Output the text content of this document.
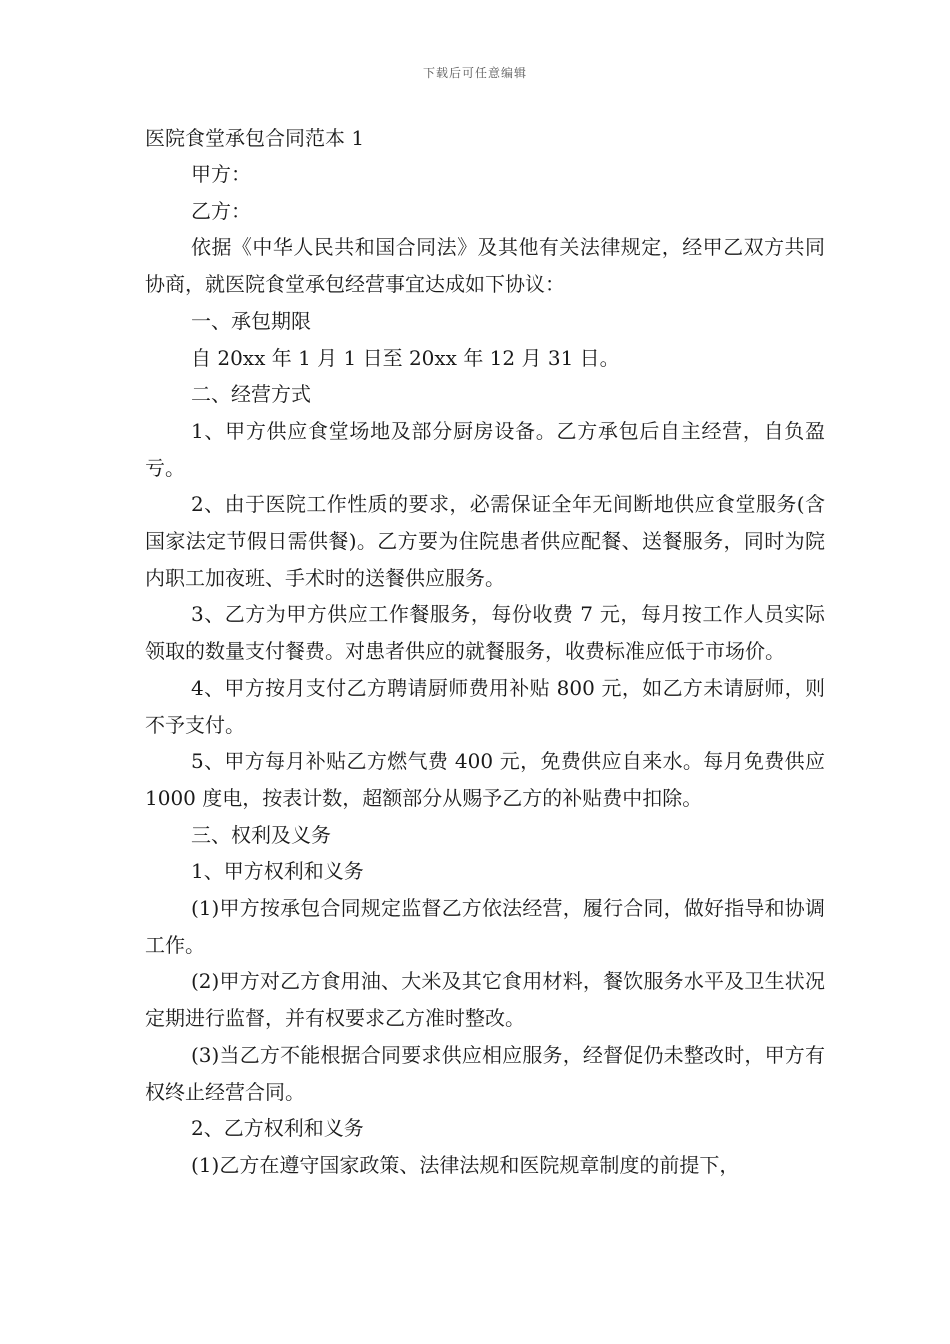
下载后可任意编辑
医院食堂承包合同范本 1

甲方：

乙方：

依据《中华人民共和国合同法》及其他有关法律规定，经甲乙双方共同协商，就医院食堂承包经营事宜达成如下协议：

一、承包期限

自 20xx 年 1 月 1 日至 20xx 年 12 月 31 日。

二、经营方式

1、甲方供应食堂场地及部分厨房设备。乙方承包后自主经营，自负盈亏。

2、由于医院工作性质的要求，必需保证全年无间断地供应食堂服务(含国家法定节假日需供餐)。乙方要为住院患者供应配餐、送餐服务，同时为院内职工加夜班、手术时的送餐供应服务。

3、乙方为甲方供应工作餐服务，每份收费 7 元，每月按工作人员实际领取的数量支付餐费。对患者供应的就餐服务，收费标准应低于市场价。

4、甲方按月支付乙方聘请厨师费用补贴 800 元，如乙方未请厨师，则不予支付。

5、甲方每月补贴乙方燃气费 400 元，免费供应自来水。每月免费供应 1000 度电，按表计数，超额部分从赐予乙方的补贴费中扣除。

三、权利及义务

1、甲方权利和义务

(1)甲方按承包合同规定监督乙方依法经营，履行合同，做好指导和协调工作。

(2)甲方对乙方食用油、大米及其它食用材料，餐饮服务水平及卫生状况定期进行监督，并有权要求乙方准时整改。

(3)当乙方不能根据合同要求供应相应服务，经督促仍未整改时，甲方有权终止经营合同。

2、乙方权利和义务

(1)乙方在遵守国家政策、法律法规和医院规章制度的前提下，
